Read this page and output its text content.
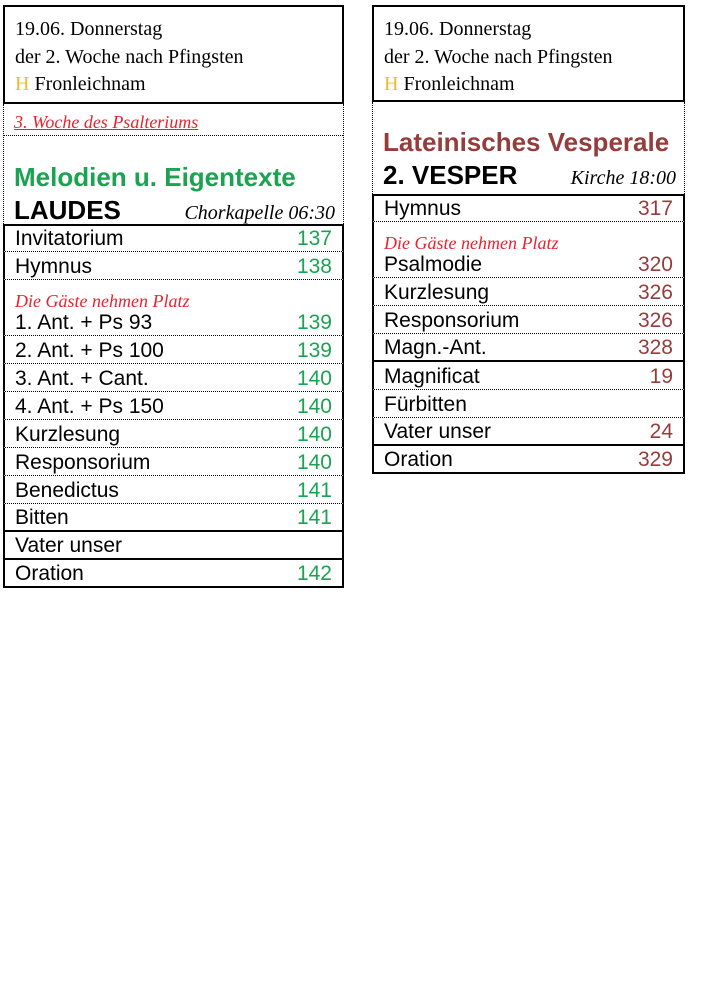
19.06. Donnerstag
der 2. Woche nach Pfingsten
H Fronleichnam
3. Woche des Psalteriums
Melodien u. Eigentexte
LAUDES	Chorkapelle 06:30
Invitatorium	137
Hymnus	138
Die Gäste nehmen Platz
1. Ant. + Ps 93	139
2. Ant. + Ps 100	139
3. Ant. + Cant.	140
4. Ant. + Ps 150	140
Kurzlesung	140
Responsorium	140
Benedictus	141
Bitten	141
Vater unser
Oration	142
19.06. Donnerstag
der 2. Woche nach Pfingsten
H Fronleichnam
Lateinisches Vesperale
2. VESPER	Kirche 18:00
Hymnus	317
Die Gäste nehmen Platz
Psalmodie	320
Kurzlesung	326
Responsorium	326
Magn.-Ant.	328
Magnificat	19
Fürbitten
Vater unser	24
Oration	329
